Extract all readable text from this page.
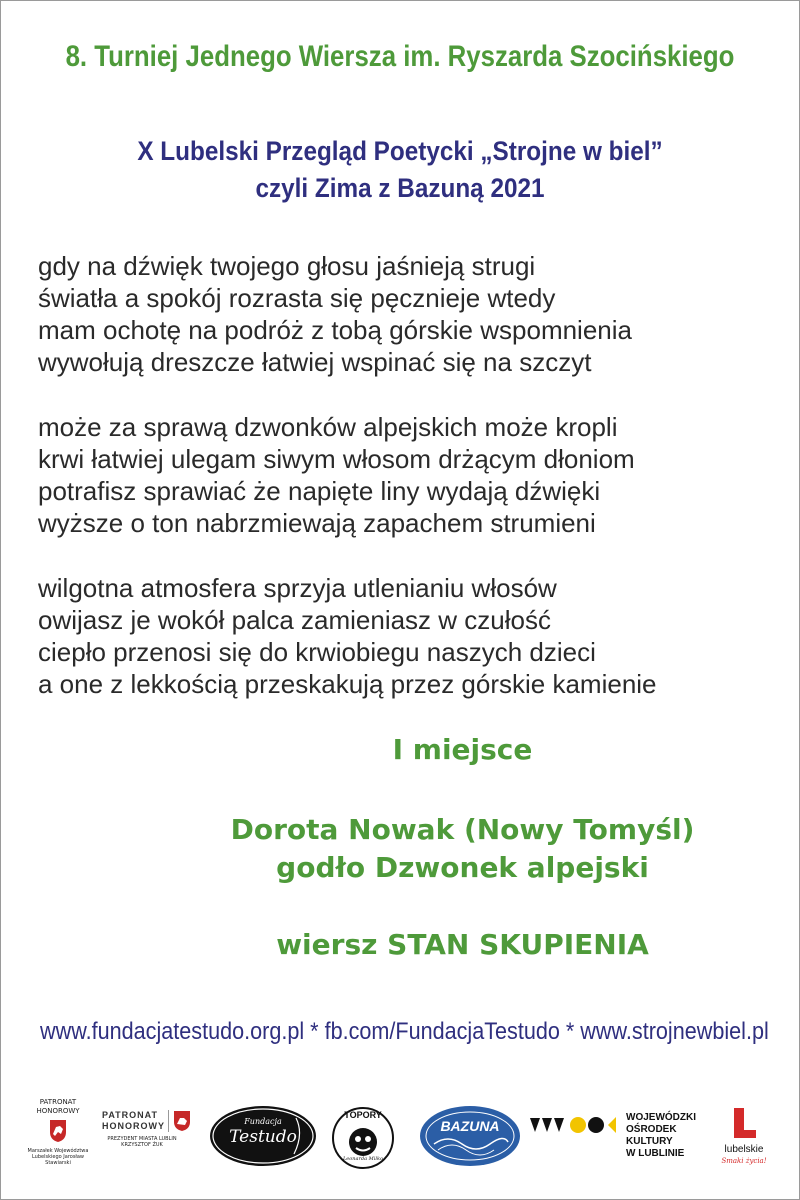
8. Turniej Jednego Wiersza im. Ryszarda Szocińskiego
X Lubelski Przegląd Poetycki „Strojne w biel”
czyli Zima z Bazuną 2021
gdy na dźwięk twojego głosu jaśnieją strugi
światła a spokój rozrasta się pęcznieje wtedy
mam ochotę na podróż z tobą górskie wspomnienia
wywołują dreszcze łatwiej wspinać się na szczyt
może za sprawą dzwonków alpejskich może kropli
krwi łatwiej ulegam siwym włosom drżącym dłoniom
potrafisz sprawiać że napięte liny wydają dźwięki
wyższe o ton nabrzmiewają zapachem strumieni
wilgotna atmosfera sprzyja utlenianiu włosów
owijasz je wokół palca zamieniasz w czułość
ciepło przenosi się do krwiobiegu naszych dzieci
a one z lekkością przeskakują przez górskie kamienie
I miejsce
Dorota Nowak (Nowy Tomyśl)
godło Dzwonek alpejski
wiersz STAN SKUPIENIA
www.fundacjatestudo.org.pl * fb.com/FundacjaTestudo * www.strojnewbiel.pl
PATRONAT HONOROWY
Marszałek Województwa Lubelskiego Jarosław Stawiarski
PATRONAT HONOROWY
PREZYDENT MIASTA LUBLIN KRZYSZTOF ŻUK
Fundacja
Testudo
TOPORY
Leonarda Milko
BAZUNA
WOJEWÓDZKI
OŚRODEK
KULTURY
W LUBLINIE	lubelskie
Smaki życia!
